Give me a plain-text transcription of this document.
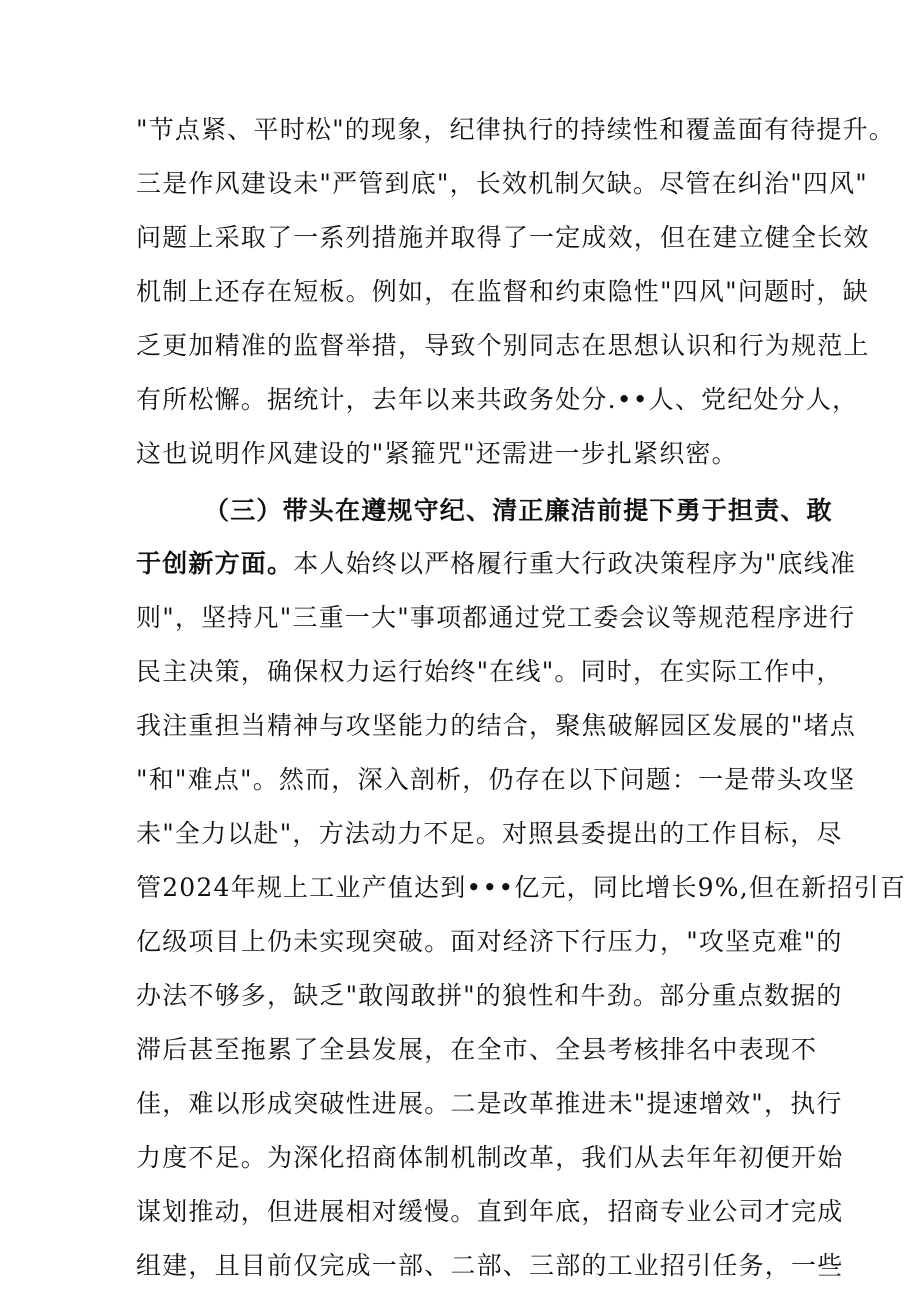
"节点紧、平时松"的现象，纪律执行的持续性和覆盖面有待提升。
三是作风建设未"严管到底"，长效机制欠缺。尽管在纠治"四风"
问题上采取了一系列措施并取得了一定成效，但在建立健全长效
机制上还存在短板。例如，在监督和约束隐性"四风"问题时，缺
乏更加精准的监督举措，导致个别同志在思想认识和行为规范上
有所松懈。据统计，去年以来共政务处分.••人、党纪处分人，
这也说明作风建设的"紧箍咒"还需进一步扎紧织密。
（三）带头在遵规守纪、清正廉洁前提下勇于担责、敢
于创新方面。本人始终以严格履行重大行政决策程序为"底线准
则"，坚持凡"三重一大"事项都通过党工委会议等规范程序进行
民主决策，确保权力运行始终"在线"。同时，在实际工作中，
我注重担当精神与攻坚能力的结合，聚焦破解园区发展的"堵点
"和"难点"。然而，深入剖析，仍存在以下问题：一是带头攻坚
未"全力以赴"，方法动力不足。对照县委提出的工作目标，尽
管2024年规上工业产值达到•••亿元，同比增长9%,但在新招引百
亿级项目上仍未实现突破。面对经济下行压力，"攻坚克难"的
办法不够多，缺乏"敢闯敢拼"的狼性和牛劲。部分重点数据的
滞后甚至拖累了全县发展，在全市、全县考核排名中表现不
佳，难以形成突破性进展。二是改革推进未"提速增效"，执行
力度不足。为深化招商体制机制改革，我们从去年年初便开始
谋划推动，但进展相对缓慢。直到年底，招商专业公司才完成
组建，且目前仅完成一部、二部、三部的工业招引任务，一些
